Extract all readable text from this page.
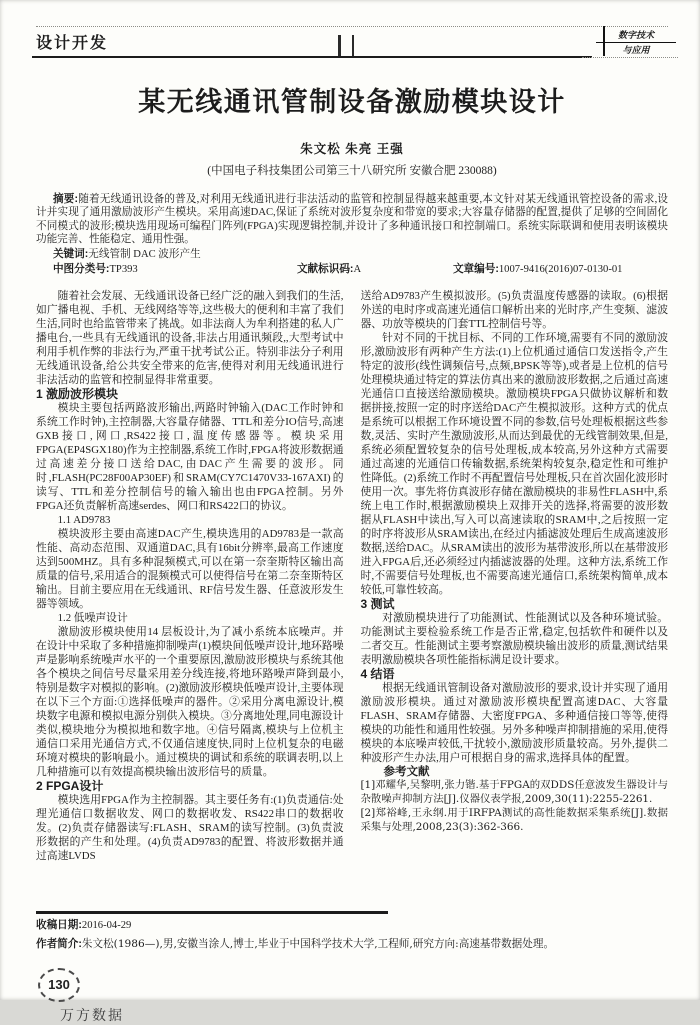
设计开发	数字技术
与应用
某无线通讯管制设备激励模块设计
朱文松 朱亮 王强
(中国电子科技集团公司第三十八研究所 安徽合肥 230088)

摘要:随着无线通讯设备的普及,对利用无线通讯进行非法活动的监管和控制显得越来越重要,本文针对某无线通讯管控设备的需求,设计并实现了通用激励波形产生模块。采用高速DAC,保证了系统对波形复杂度和带宽的要求;大容量存储器的配置,提供了足够的空间固化不同模式的波形;模块选用现场可编程门阵列(FPGA)实现逻辑控制,并设计了多种通讯接口和控制端口。系统实际联调和使用表明该模块功能完善、性能稳定、通用性强。

关键词:无线管制 DAC 波形产生

中图分类号:TP393	文献标识码:A	文章编号:1007-9416(2016)07-0130-01

随着社会发展、无线通讯设备已经广泛的融入到我们的生活,如广播电视、手机、无线网络等等,这些极大的便利和丰富了我们生活,同时也给监管带来了挑战。如非法商人为牟利搭建的私人广播电台,一些具有无线通讯的设备,非法占用通讯频段,,大型考试中利用手机作弊的非法行为,严重干扰考试公正。特别非法分子利用无线通讯设备,给公共安全带来的危害,使得对利用无线通讯进行非法活动的监管和控制显得非常重要。

1 激励波形模块

模块主要包括两路波形输出,两路时钟输入(DAC工作时钟和系统工作时钟),主控制器,大容量存储器、TTL和差分IO信号,高速GXB接口,网口,RS422接口,温度传感器等。模块采用FPGA(EP4SGX180)作为主控制器,系统工作时,FPGA将波形数据通过高速差分接口送给DAC,由DAC产生需要的波形。同时,FLASH(PC28F00AP30EF)和SRAM(CY7C1470V33-167AXI)的读写、TTL和差分控制信号的输入输出也由FPGA控制。另外FPGA还负责解析高速serdes、网口和RS422口的协议。

1.1 AD9783

模块波形主要由高速DAC产生,模块选用的AD9783是一款高性能、高动态范围、双通道DAC,具有16bit分辨率,最高工作速度达到500MHZ。具有多种混频模式,可以在第一奈奎斯特区输出高质量的信号,采用适合的混频模式可以使得信号在第二奈奎斯特区输出。目前主要应用在无线通讯、RF信号发生器、任意波形发生器等领域。

1.2 低噪声设计

激励波形模块使用14 层板设计,为了减小系统本底噪声。并在设计中采取了多种措施抑制噪声(1)模块间低噪声设计,地环路噪声是影响系统噪声水平的一个重要原因,激励波形模块与系统其他各个模块之间信号尽量采用差分线连接,将地环路噪声降到最小,特别是数字对模拟的影响。(2)激励波形模块低噪声设计,主要体现在以下三个方面:①选择低噪声的器件。②采用分离电源设计,模块数字电源和模拟电源分别供入模块。③分离地处理,同电源设计类似,模块地分为模拟地和数字地。④信号隔离,模块与上位机主通信口采用光通信方式,不仅通信速度快,同时上位机复杂的电磁环境对模块的影响最小。通过模块的调试和系统的联调表明,以上几种措施可以有效提高模块输出波形信号的质量。

2 FPGA设计

模块选用FPGA作为主控制器。其主要任务有:(1)负责通信:处理光通信口数据收发、网口的数据收发、RS422串口的数据收发。(2)负责存储器读写:FLASH、SRAM的读写控制。(3)负责波形数据的产生和处理。(4)负责AD9783的配置、将波形数据并通过高速LVDS

送给AD9783产生模拟波形。(5)负责温度传感器的读取。(6)根据外送的电时序或高速光通信口解析出来的光时序,产生变频、滤波器、功放等模块的门套TTL控制信号等。

针对不同的干扰目标、不同的工作环境,需要有不同的激励波形,激励波形有两种产生方法:(1)上位机通过通信口发送指令,产生特定的波形(线性调频信号,点频,BPSK等等),或者是上位机的信号处理模块通过特定的算法仿真出来的激励波形数据,之后通过高速光通信口直接送给激励模块。激励模块FPGA只做协议解析和数据拼接,按照一定的时序送给DAC产生模拟波形。这种方式的优点是系统可以根据工作环境设置不同的参数,信号处理板根据这些参数,灵活、实时产生激励波形,从而达到最优的无线管制效果,但是,系统必须配置较复杂的信号处理板,成本较高,另外这种方式需要通过高速的光通信口传输数据,系统架构较复杂,稳定性和可维护性降低。(2)系统工作时不再配置信号处理板,只在首次固化波形时使用一次。事先将仿真波形存储在激励模块的非易性FLASH中,系统上电工作时,根据激励模块上双排开关的选择,将需要的波形数据从FLASH中读出,写入可以高速读取的SRAM中,之后按照一定的时序将波形从SRAM读出,在经过内插滤波处理后生成高速波形数据,送给DAC。从SRAM读出的波形为基带波形,所以在基带波形进入FPGA后,还必须经过内插滤波器的处理。这种方法,系统工作时,不需要信号处理板,也不需要高速光通信口,系统架构简单,成本较低,可靠性较高。

3 测试

对激励模块进行了功能测试、性能测试以及各种环境试验。功能测试主要检验系统工作是否正常,稳定,包括软件和硬件以及二者交互。性能测试主要考察激励模块输出波形的质量,测试结果表明激励模块各项性能指标满足设计要求。

4 结语

根据无线通讯管制设备对激励波形的要求,设计并实现了通用激励波形模块。通过对激励波形模块配置高速DAC、大容量FLASH、SRAM存储器、大密度FPGA、多种通信接口等等,使得模块的功能性和通用性较强。另外多种噪声抑制措施的采用,使得模块的本底噪声较低,干扰较小,激励波形质量较高。另外,提供二种波形产生办法,用户可根据自身的需求,选择具体的配置。

参考文献

[1]邓耀华,吴黎明,张力锴.基于FPGA的双DDS任意波发生器设计与杂散噪声抑制方法[J].仪器仪表学报,2009,30(11):2255-2261.

[2]郑裕峰,王永纲.用于IRFPA测试的高性能数据采集系统[J].数据采集与处理,2008,23(3):362-366.

收稿日期:2016-04-29

作者简介:朱文松(1986—),男,安徽当涂人,博士,毕业于中国科学技术大学,工程师,研究方向:高速基带数据处理。

130
万方数据
